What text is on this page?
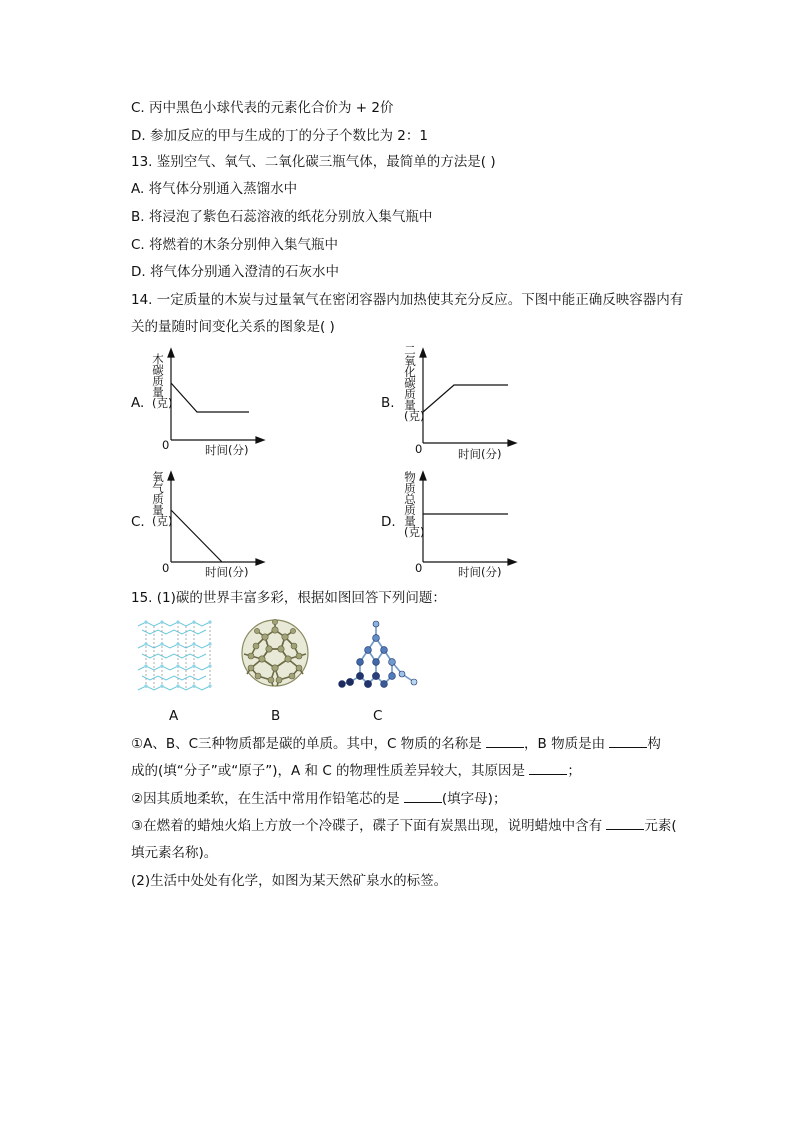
C. 丙中黑色小球代表的元素化合价为 + 2价
D. 参加反应的甲与生成的丁的分子个数比为 2：1
13. 鉴别空气、氧气、二氧化碳三瓶气体，最简单的方法是( )
A. 将气体分别通入蒸馏水中
B. 将浸泡了紫色石蕊溶液的纸花分别放入集气瓶中
C. 将燃着的木条分别伸入集气瓶中
D. 将气体分别通入澄清的石灰水中
14. 一定质量的木炭与过量氧气在密闭容器内加热使其充分反应。下图中能正确反映容器内有
关的量随时间变化关系的图象是( )
A.
木碳质量(克)
0	时间(分)
B.
二氧化碳质量(克)
0	时间(分)
C.
氧气质量(克)
0	时间(分)
D.
物质总质量(克)
0	时间(分)
15. (1)碳的世界丰富多彩，根据如图回答下列问题：
A	B	C
①A、B、C三种物质都是碳的单质。其中，C 物质的名称是	，B 物质是由	构
成的(填“分子”或“原子”)，A 和 C 的物理性质差异较大，其原因是	；
②因其质地柔软，在生活中常用作铅笔芯的是	(填字母)；
③在燃着的蜡烛火焰上方放一个冷碟子，碟子下面有炭黑出现，说明蜡烛中含有	元素(
填元素名称)。
(2)生活中处处有化学，如图为某天然矿泉水的标签。
